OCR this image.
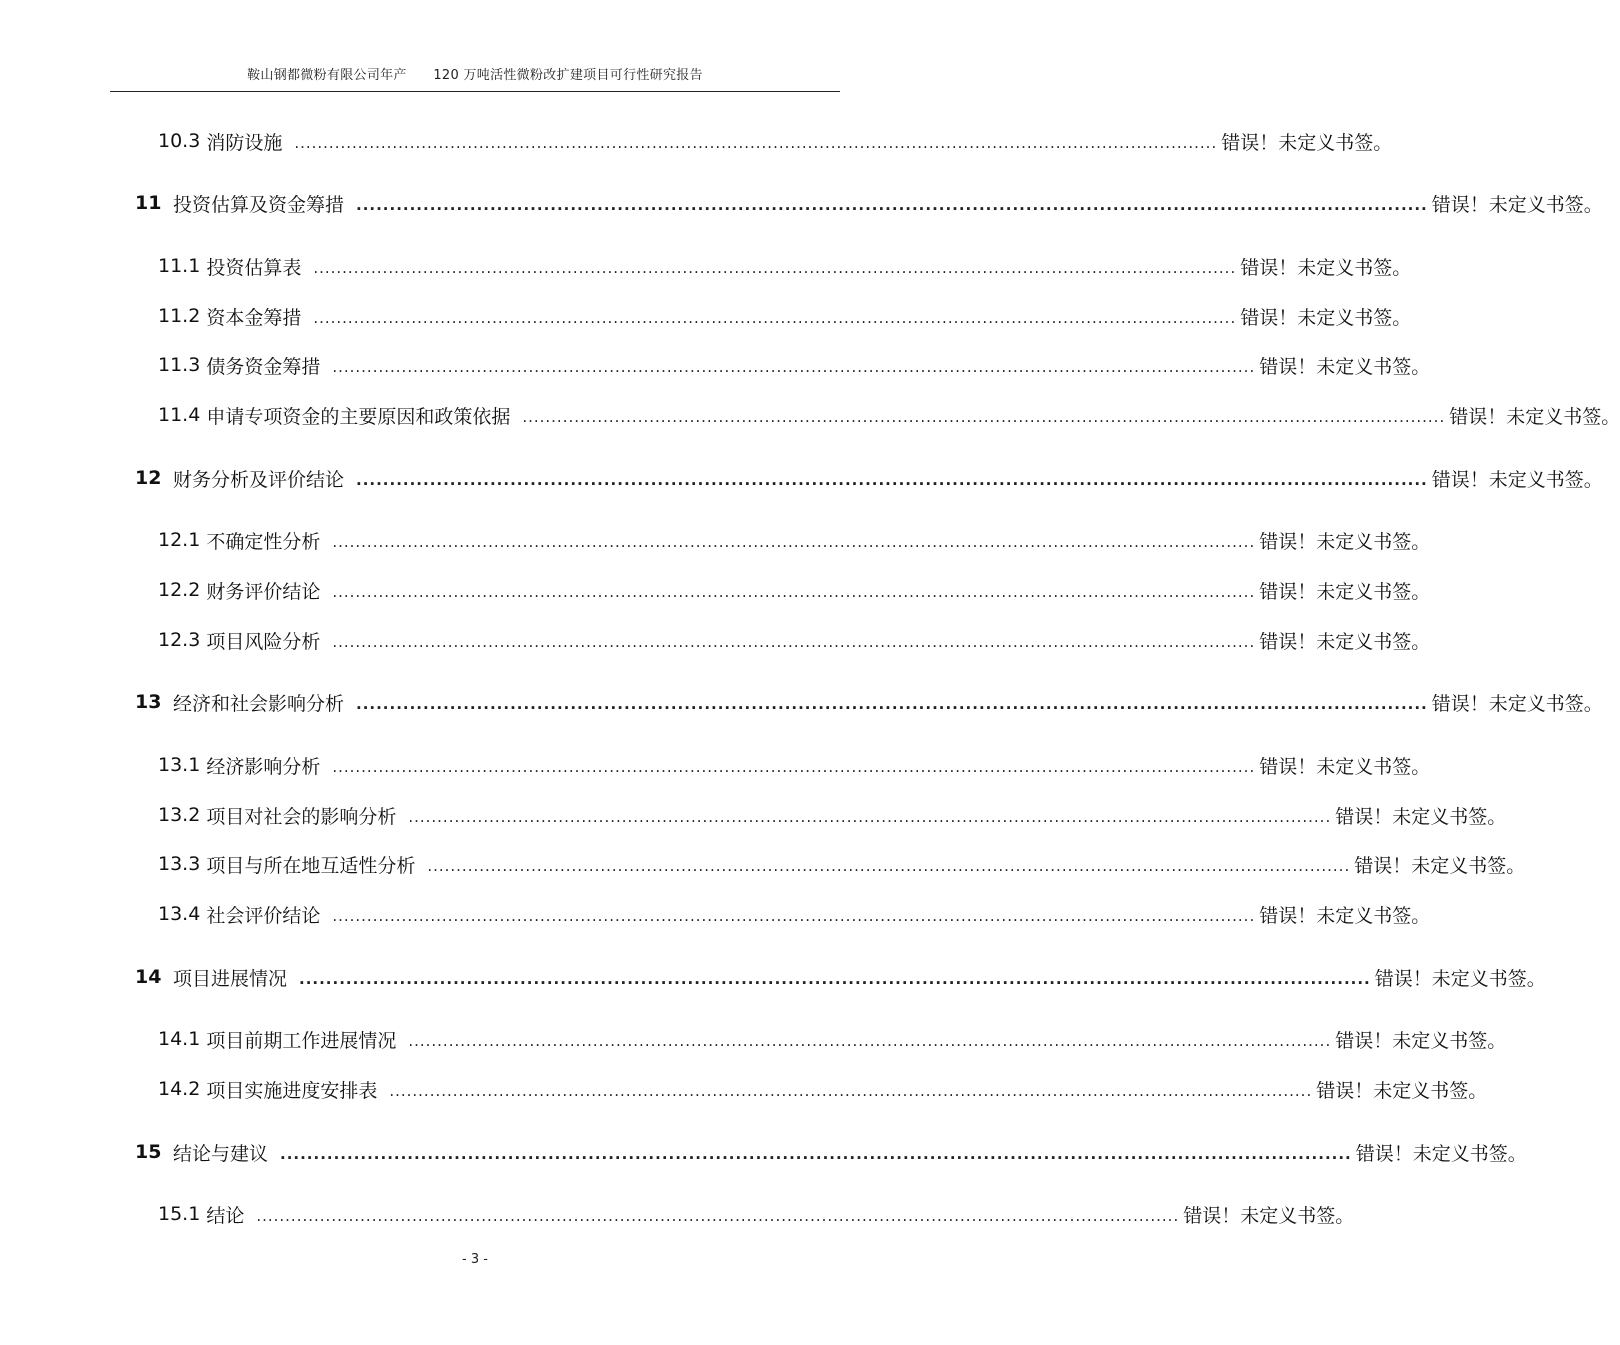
鞍山钢都微粉有限公司年产　　120 万吨活性微粉改扩建项目可行性研究报告
10.3 消防设施 ................................................................................................................................................................ 错误！未定义书签。
11 投资估算及资金筹措 ................................................................................................................................................................ 错误！未定义书签。
11.1 投资估算表 ................................................................................................................................................................ 错误！未定义书签。
11.2 资本金筹措 ................................................................................................................................................................ 错误！未定义书签。
11.3 债务资金筹措 ................................................................................................................................................................ 错误！未定义书签。
11.4 申请专项资金的主要原因和政策依据 ................................................................................................................................................................ 错误！未定义书签。
12 财务分析及评价结论 ................................................................................................................................................................ 错误！未定义书签。
12.1 不确定性分析 ................................................................................................................................................................ 错误！未定义书签。
12.2 财务评价结论 ................................................................................................................................................................ 错误！未定义书签。
12.3 项目风险分析 ................................................................................................................................................................ 错误！未定义书签。
13 经济和社会影响分析 ................................................................................................................................................................ 错误！未定义书签。
13.1 经济影响分析 ................................................................................................................................................................ 错误！未定义书签。
13.2 项目对社会的影响分析 ................................................................................................................................................................ 错误！未定义书签。
13.3 项目与所在地互适性分析 ................................................................................................................................................................ 错误！未定义书签。
13.4 社会评价结论 ................................................................................................................................................................ 错误！未定义书签。
14 项目进展情况 ................................................................................................................................................................ 错误！未定义书签。
14.1 项目前期工作进展情况 ................................................................................................................................................................ 错误！未定义书签。
14.2 项目实施进度安排表 ................................................................................................................................................................ 错误！未定义书签。
15 结论与建议 ................................................................................................................................................................ 错误！未定义书签。
15.1 结论 ................................................................................................................................................................ 错误！未定义书签。
- 3 -
